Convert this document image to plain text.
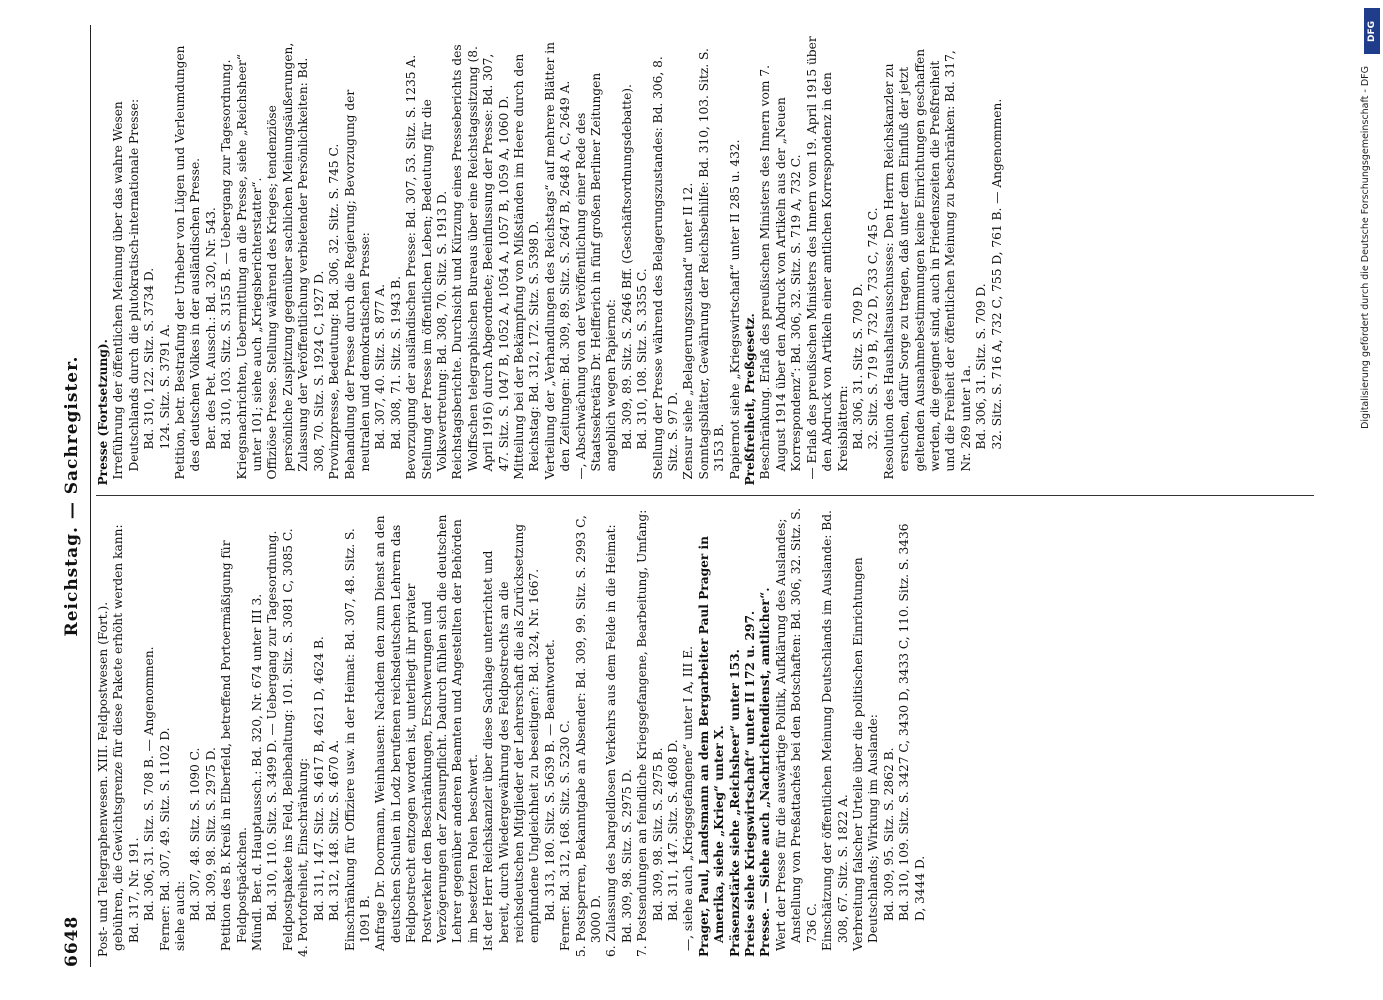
6648
Reichstag. — Sachregister.

Post- und Telegraphenwesen. XIII. Feldpostwesen (Fort.). gebühren, die Gewichtsgrenze für diese Pakete erhöht werden kann: Bd. 317, Nr. 191. Bd. 306, 31. Sitz. S. 708 B. — Angenommen. Ferner: Bd. 307, 49. Sitz. S. 1102 D. siehe auch: Bd. 307, 48. Sitz. S. 1090 C. Bd. 309, 98. Sitz. S. 2975 D. Petition des B. Kreiß in Elberfeld, betreffend Portoermäßigung für Feldpostpäckchen. Mündl. Ber. d. Hauptaussch.: Bd. 320, Nr. 674 unter III 3. Bd. 310, 110. Sitz. S. 3499 D. — Uebergang zur Tagesordnung. Feldpostpakete ins Feld, Beibehaltung: 101. Sitz. S. 3081 C, 3085 C. 4. Portofreiheit, Einschränkung: Bd. 311, 147. Sitz. S. 4617 B, 4621 D, 4624 B. Bd. 312, 148. Sitz. S. 4670 A. Einschränkung für Offiziere usw. in der Heimat: Bd. 307, 48. Sitz. S. 1091 B. Anfrage Dr. Doormann, Weinhausen: Nachdem den zum Dienst an den deutschen Schulen in Lodz berufenen reichsdeutschen Lehrern das Feldpostrecht entzogen worden ist, unterliegt ihr privater Postverkehr den Beschränkungen, Erschwerungen und Verzögerungen der Zensurpflicht. Dadurch fühlen sich die deutschen Lehrer gegenüber anderen Beamten und Angestellten der Behörden im besetzten Polen beschwert. Ist der Herr Reichskanzler über diese Sachlage unterrichtet und bereit, durch Wiedergewährung des Feldpostrechts an die reichsdeutschen Mitglieder der Lehrerschaft die als Zurücksetzung empfundene Ungleichheit zu beseitigen?: Bd. 324, Nr. 1667. Bd. 313, 180. Sitz. S. 5639 B. — Beantwortet. Ferner: Bd. 312, 168. Sitz. S. 5230 C. 5. Postsperren, Bekanntgabe an Absender: Bd. 309, 99. Sitz. S. 2993 C, 3000 D. 6. Zulassung des bargeldlosen Verkehrs aus dem Felde in die Heimat: Bd. 309, 98. Sitz. S. 2975 D. 7. Postsendungen an feindliche Kriegsgefangene, Bearbeitung, Umfang: Bd. 309, 98. Sitz. S. 2975 B. Bd. 311, 147. Sitz. S. 4608 D. —, siehe auch „Kriegsgefangene“ unter I A, III E. Prager, Paul, Landsmann an dem Bergarbeiter Paul Prager in Amerika, siehe „Krieg“ unter X. Präsenzstärke siehe „Reichsheer“ unter 153. Preise siehe Kriegswirtschaft“ unter II 172 u. 297. Presse. — Siehe auch „Nachrichtendienst, amtlicher“. Wert der Presse für die auswärtige Politik, Aufklärung des Auslandes; Anstellung von Preßattachés bei den Botschaften: Bd. 306, 32. Sitz. S. 736 C. Einschätzung der öffentlichen Meinung Deutschlands im Auslande: Bd. 308, 67. Sitz. S. 1822 A. Verbreitung falscher Urteile über die politischen Einrichtungen Deutschlands; Wirkung im Auslande: Bd. 309, 95. Sitz. S. 2862 B. Bd. 310, 109. Sitz. S. 3427 C, 3430 D, 3433 C, 110. Sitz. S. 3436 D, 3444 D.

Presse (Fortsetzung). Irreführung der öffentlichen Meinung über das wahre Wesen Deutschlands durch die plutokratisch-internationale Presse: Bd. 310, 122. Sitz. S. 3734 D. 124. Sitz. S. 3791 A. Petition, betr. Bestrafung der Urheber von Lügen und Verleumdungen des deutschen Volkes in der ausländischen Presse. Ber. des Pet. Aussch.: Bd. 320, Nr. 543. Bd. 310, 103. Sitz. S. 3155 B. — Uebergang zur Tagesordnung. Kriegsnachrichten, Uebermittlung an die Presse, siehe „Reichsheer“ unter 101; siehe auch „Kriegsberichterstatter“. Offiziöse Presse. Stellung während des Krieges; tendenziöse persönliche Zuspitzung gegenüber sachlichen Meinungsäußerungen, Zulassung der Veröffentlichung verbietender Persönlichkeiten: Bd. 308, 70. Sitz. S. 1924 C, 1927 D. Provinzpresse, Bedeutung: Bd. 306, 32. Sitz. S. 745 C. Behandlung der Presse durch die Regierung; Bevorzugung der neutralen und demokratischen Presse: Bd. 307, 40. Sitz. S. 877 A. Bd. 308, 71. Sitz. S. 1943 B. Bevorzugung der ausländischen Presse: Bd. 307, 53. Sitz. S. 1235 A. Stellung der Presse im öffentlichen Leben; Bedeutung für die Volksvertretung: Bd. 308, 70. Sitz. S. 1913 D. Reichstagsberichte. Durchsicht und Kürzung eines Presseberichts des Wolffschen telegraphischen Bureaus über eine Reichstagssitzung (8. April 1916) durch Abgeordnete; Beeinflussung der Presse: Bd. 307, 47. Sitz. S. 1047 B, 1052 A, 1054 A, 1057 B, 1059 A, 1060 D. Mitteilung bei der Bekämpfung von Mißständen im Heere durch den Reichstag: Bd. 312, 172. Sitz. S. 5398 D. Verteilung der „Verhandlungen des Reichstags“ auf mehrere Blätter in den Zeitungen: Bd. 309, 89. Sitz. S. 2647 B, 2648 A, C, 2649 A. —, Abschwächung von der Veröffentlichung einer Rede des Staatssekretärs Dr. Helfferich in fünf großen Berliner Zeitungen angeblich wegen Papiernot: Bd. 309, 89. Sitz. S. 2646 Bff. (Geschäftsordnungsdebatte). Bd. 310, 108. Sitz. S. 3355 C. Stellung der Presse während des Belagerungszustandes: Bd. 306, 8. Sitz. S. 97 D. Zensur siehe „Belagerungszustand“ unter II 12. Sonntagsblätter, Gewährung der Reichsbeihilfe: Bd. 310, 103. Sitz. S. 3153 B. Papiernot siehe „Kriegswirtschaft“ unter II 285 u. 432. Preßfreiheit, Preßgesetz. Beschränkung. Erlaß des preußischen Ministers des Innern vom 7. August 1914 über den Abdruck von Artikeln aus der „Neuen Korrespondenz“: Bd. 306, 32. Sitz. S. 719 A, 732 C. — Erlaß des preußischen Ministers des Innern vom 19. April 1915 über den Abdruck von Artikeln einer amtlichen Korrespondenz in den Kreisblättern: Bd. 306, 31. Sitz. S. 709 D. 32. Sitz. S. 719 B, 732 D, 733 C, 745 C. Resolution des Haushaltsausschusses: Den Herrn Reichskanzler zu ersuchen, dafür Sorge zu tragen, daß unter dem Einfluß der jetzt geltenden Ausnahmebestimmungen keine Einrichtungen geschaffen werden, die geeignet sind, auch in Friedenszeiten die Preßfreiheit und die Freiheit der öffentlichen Meinung zu beschränken: Bd. 317, Nr. 269 unter 1a. Bd. 306, 31. Sitz. S. 709 D. 32. Sitz. S. 716 A, 732 C, 755 D, 761 B. — Angenommen.

DFG
Digitalisierung gefördert durch die Deutsche Forschungsgemeinschaft - DFG
